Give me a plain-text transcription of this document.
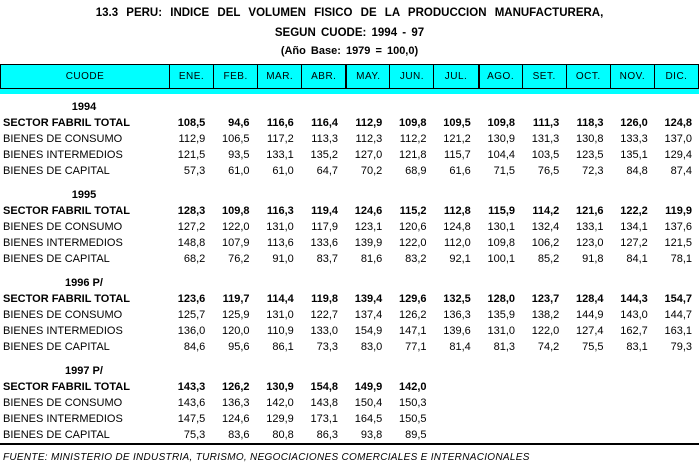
13.3 PERU: INDICE DEL VOLUMEN FISICO DE LA PRODUCCION MANUFACTURERA,
SEGUN CUODE: 1994 - 97
(Año Base: 1979 = 100,0)
CUODE	ENE.	FEB.	MAR.	ABR.	MAY.	JUN.	JUL.	AGO.	SET.	OCT.	NOV.	DIC.
1994
SECTOR FABRIL TOTAL	108,5	94,6	116,6	116,4	112,9	109,8	109,5	109,8	111,3	118,3	126,0	124,8
BIENES DE CONSUMO	112,9	106,5	117,2	113,3	112,3	112,2	121,2	130,9	131,3	130,8	133,3	137,0
BIENES INTERMEDIOS	121,5	93,5	133,1	135,2	127,0	121,8	115,7	104,4	103,5	123,5	135,1	129,4
BIENES DE CAPITAL	57,3	61,0	61,0	64,7	70,2	68,9	61,6	71,5	76,5	72,3	84,8	87,4
1995
SECTOR FABRIL TOTAL	128,3	109,8	116,3	119,4	124,6	115,2	112,8	115,9	114,2	121,6	122,2	119,9
BIENES DE CONSUMO	127,2	122,0	131,0	117,9	123,1	120,6	124,8	130,1	132,4	133,1	134,1	137,6
BIENES INTERMEDIOS	148,8	107,9	113,6	133,6	139,9	122,0	112,0	109,8	106,2	123,0	127,2	121,5
BIENES DE CAPITAL	68,2	76,2	91,0	83,7	81,6	83,2	92,1	100,1	85,2	91,8	84,1	78,1
1996 P/
SECTOR FABRIL TOTAL	123,6	119,7	114,4	119,8	139,4	129,6	132,5	128,0	123,7	128,4	144,3	154,7
BIENES DE CONSUMO	125,7	125,9	131,0	122,7	137,4	126,2	136,3	135,9	138,2	144,9	143,0	144,7
BIENES INTERMEDIOS	136,0	120,0	110,9	133,0	154,9	147,1	139,6	131,0	122,0	127,4	162,7	163,1
BIENES DE CAPITAL	84,6	95,6	86,1	73,3	83,0	77,1	81,4	81,3	74,2	75,5	83,1	79,3
1997 P/
SECTOR FABRIL TOTAL	143,3	126,2	130,9	154,8	149,9	142,0
BIENES DE CONSUMO	143,6	136,3	142,0	143,8	150,4	150,3
BIENES INTERMEDIOS	147,5	124,6	129,9	173,1	164,5	150,5
BIENES DE CAPITAL	75,3	83,6	80,8	86,3	93,8	89,5
FUENTE: MINISTERIO DE INDUSTRIA, TURISMO, NEGOCIACIONES COMERCIALES E INTERNACIONALES
